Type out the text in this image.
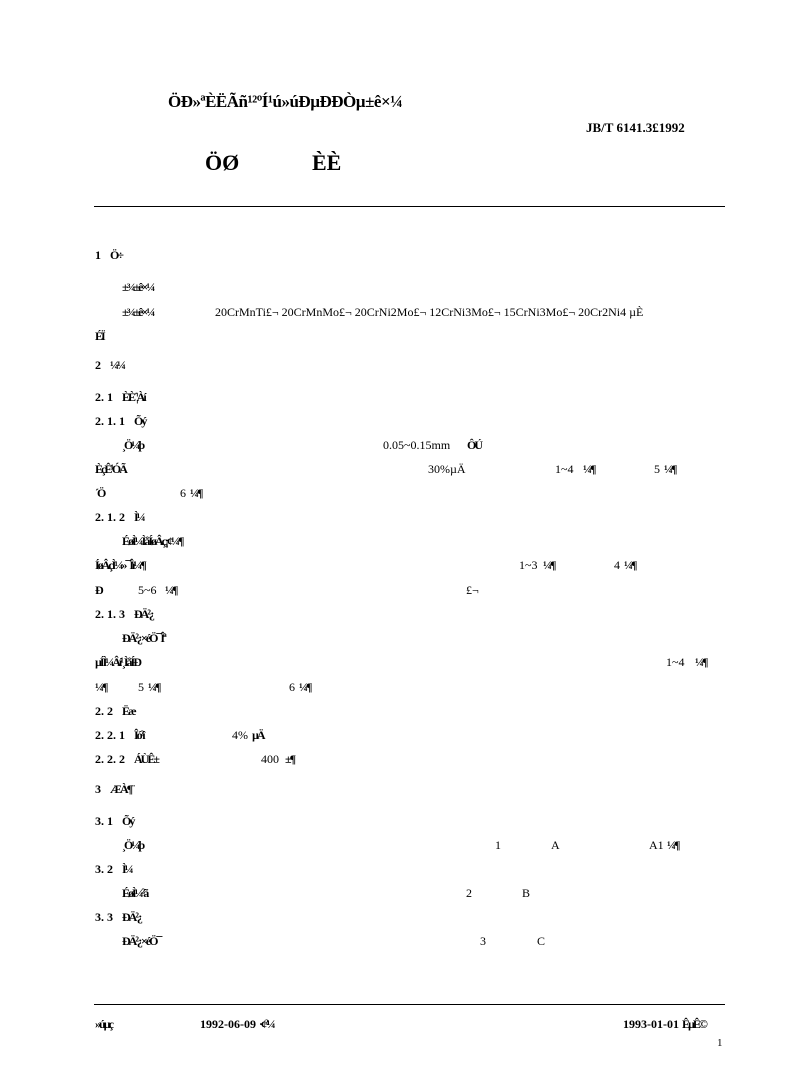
ÖÐ»ªÈËÃñ¹²ºÍ¹ú»úÐµÐÐÒµ±ê×¼
JB/T 6141.3£1992
ÖØ	ÈÈ
1 Ö÷
±¾±ê×¼
±¾±ê×¼	20CrMnTi£¬ 20CrMnMo£¬ 20CrNi2Mo£¬ 12CrNi3Mo£¬ 15CrNi3Mo£¬ 20Cr2Ni4 µÈ
ÉÏ
2 ¼¼
2. 1 ÈÈ´¦Àí
2. 1. 1 Õý
¸Ö¼þ	0.05~0.15mm ÔÚ
ÈçÊ¹ÓÃ	30%µÄ	1~4 ¼¶	5 ¼¶
´Ö	6 ¼¶
2. 1. 2 Ì¼
ÉøÌ¼ÌåÍøÂç¡¢¼¶
ÍøÂçÌ¼»¯Îï¼¶	1~3 ¼¶	4 ¼¶
Ð	5~6 ¼¶	£¬
2. 1. 3 ÐÄ²¿
ÐÄ²¿×éÖ¯Îª
µÍÌ¼Âí¹¸ÌåÍÐ	1~4 ¼¶
¼¶	5 ¼¶	6 ¼¶
2. 2 Ëæ
2. 2. 1 Îó²î	4% µÄ
2. 2. 2 ÁÙÊ±	400 ±¶
3 ÆÀ¶¨
3. 1 Õý
¸Ö¼þ	1	A	A1 ¼¶
3. 2 Ì¼
ÉøÌ¼²ã	2	B
3. 3 ÐÄ²¿
ÐÄ²¿×éÖ¯	3	C
»úµç	1992-06-09 ·¢²¼	1993-01-01 ÊµÊ©
1
